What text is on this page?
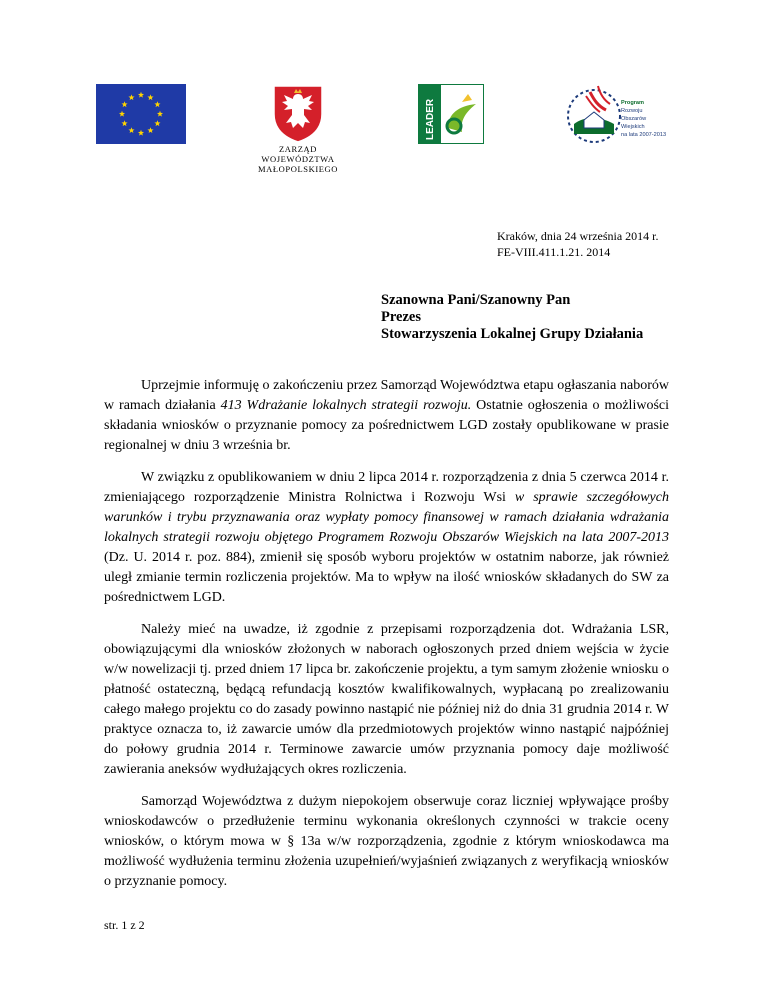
ZARZĄD
WOJEWÓDZTWA
MAŁOPOLSKIEGO
LEADER	Program
Rozwoju
Obszarów
Wiejskich
na lata 2007-2013
Kraków, dnia 24 września 2014 r.
FE-VIII.411.1.21. 2014
Szanowna Pani/Szanowny Pan
Prezes
Stowarzyszenia Lokalnej Grupy Działania

Uprzejmie informuję o zakończeniu przez Samorząd Województwa etapu ogłaszania naborów w ramach działania 413 Wdrażanie lokalnych strategii rozwoju. Ostatnie ogłoszenia o możliwości składania wniosków o przyznanie pomocy za pośrednictwem LGD zostały opublikowane w prasie regionalnej w dniu 3 września br.

W związku z opublikowaniem w dniu 2 lipca 2014 r. rozporządzenia z dnia 5 czerwca 2014 r. zmieniającego rozporządzenie Ministra Rolnictwa i Rozwoju Wsi w sprawie szczegółowych warunków i trybu przyznawania oraz wypłaty pomocy finansowej w ramach działania wdrażania lokalnych strategii rozwoju objętego Programem Rozwoju Obszarów Wiejskich na lata 2007-2013 (Dz. U. 2014 r. poz. 884), zmienił się sposób wyboru projektów w ostatnim naborze, jak również uległ zmianie termin rozliczenia projektów. Ma to wpływ na ilość wniosków składanych do SW za pośrednictwem LGD.

Należy mieć na uwadze, iż zgodnie z przepisami rozporządzenia dot. Wdrażania LSR, obowiązującymi dla wniosków złożonych w naborach ogłoszonych przed dniem wejścia w życie w/w nowelizacji tj. przed dniem 17 lipca br. zakończenie projektu, a tym samym złożenie wniosku o płatność ostateczną, będącą refundacją kosztów kwalifikowalnych, wypłacaną po zrealizowaniu całego małego projektu co do zasady powinno nastąpić nie później niż do dnia 31 grudnia 2014 r. W praktyce oznacza to, iż zawarcie umów dla przedmiotowych projektów winno nastąpić najpóźniej do połowy grudnia 2014 r. Terminowe zawarcie umów przyznania pomocy daje możliwość zawierania aneksów wydłużających okres rozliczenia.

Samorząd Województwa z dużym niepokojem obserwuje coraz liczniej wpływające prośby wnioskodawców o przedłużenie terminu wykonania określonych czynności w trakcie oceny wniosków, o którym mowa w § 13a w/w rozporządzenia, zgodnie z którym wnioskodawca ma możliwość wydłużenia terminu złożenia uzupełnień/wyjaśnień związanych z weryfikacją wniosków o przyznanie pomocy.

str. 1 z 2
